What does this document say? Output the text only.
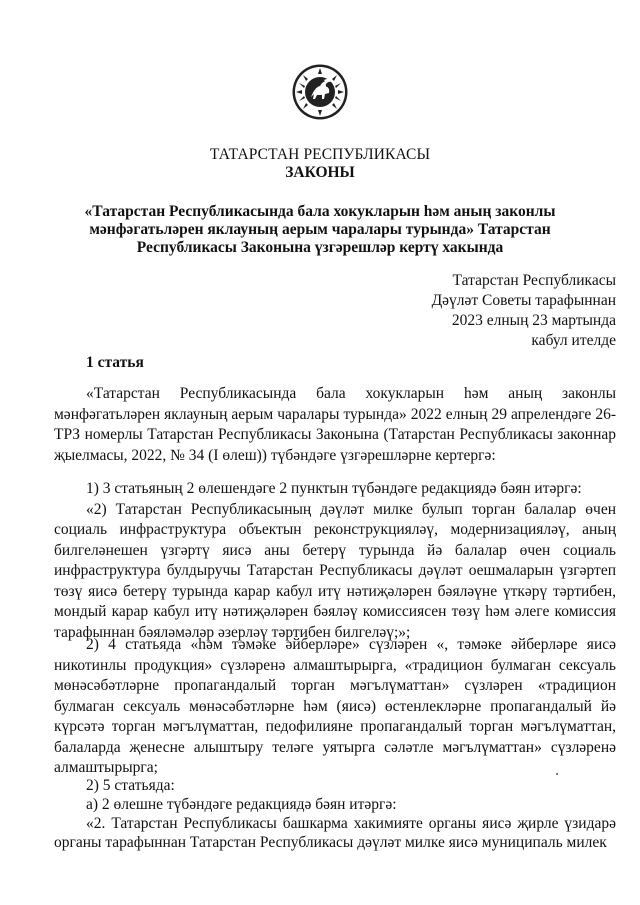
ТАТАРСТАН РЕСПУБЛИКАСЫ
ЗАКОНЫ
«Татарстан Республикасында бала хокукларын һәм аның законлы мәнфәгатьләрен яклауның аерым чаралары турында» Татарстан Республикасы Законына үзгәрешләр кертү хакында
Татарстан Республикасы
Дәүләт Советы тарафыннан
2023 елның 23 мартында
кабул ителде
1 статья

«Татарстан Республикасында бала хокукларын һәм аның законлы мәнфәгатьләрен яклауның аерым чаралары турында» 2022 елның 29 апрелендәге 26-ТРЗ номерлы Татарстан Республикасы Законына (Татарстан Республикасы законнар җыелмасы, 2022, № 34 (I өлеш)) түбәндәге үзгәрешләрне кертергә:

1) 3 статьяның 2 өлешендәге 2 пунктын түбәндәге редакциядә бәян итәргә:
«2) Татарстан Республикасының дәүләт милке булып торган балалар өчен социаль инфраструктура объектын реконструкцияләү, модернизацияләү, аның билгеләнешен үзгәртү яисә аны бетерү турында йә балалар өчен социаль инфраструктура булдыручы Татарстан Республикасы дәүләт оешмаларын үзгәртеп төзү яисә бетерү турында карар кабул итү нәтиҗәләрен бәяләүне үткәрү тәртибен, мондый карар кабул итү нәтиҗәләрен бәяләү комиссиясен төзү һәм әлеге комиссия тарафыннан бәяләмәләр әзерләү тәртибен билгеләү;»;

2) 4 статьяда «һәм тәмәке әйберләре» сүзләрен «, тәмәке әйберләре яисә никотинлы продукция» сүзләренә алмаштырырга, «традицион булмаган сексуаль мөнәсәбәтләрне пропагандалый торган мәгълүматтан» сүзләрен «традицион булмаган сексуаль мөнәсәбәтләрне һәм (яисә) өстенлекләрне пропагандалый йә күрсәтә торган мәгълүматтан, педофилияне пропагандалый торган мәгълүматтан, балаларда җенесне алыштыру теләге уятырга сәләтле мәгълүматтан» сүзләренә алмаштырырга;

2) 5 статьяда:
а) 2 өлешне түбәндәге редакциядә бәян итәргә:
«2. Татарстан Республикасы башкарма хакимияте органы яисә җирле үзидарә органы тарафыннан Татарстан Республикасы дәүләт милке яисә муниципаль милек
